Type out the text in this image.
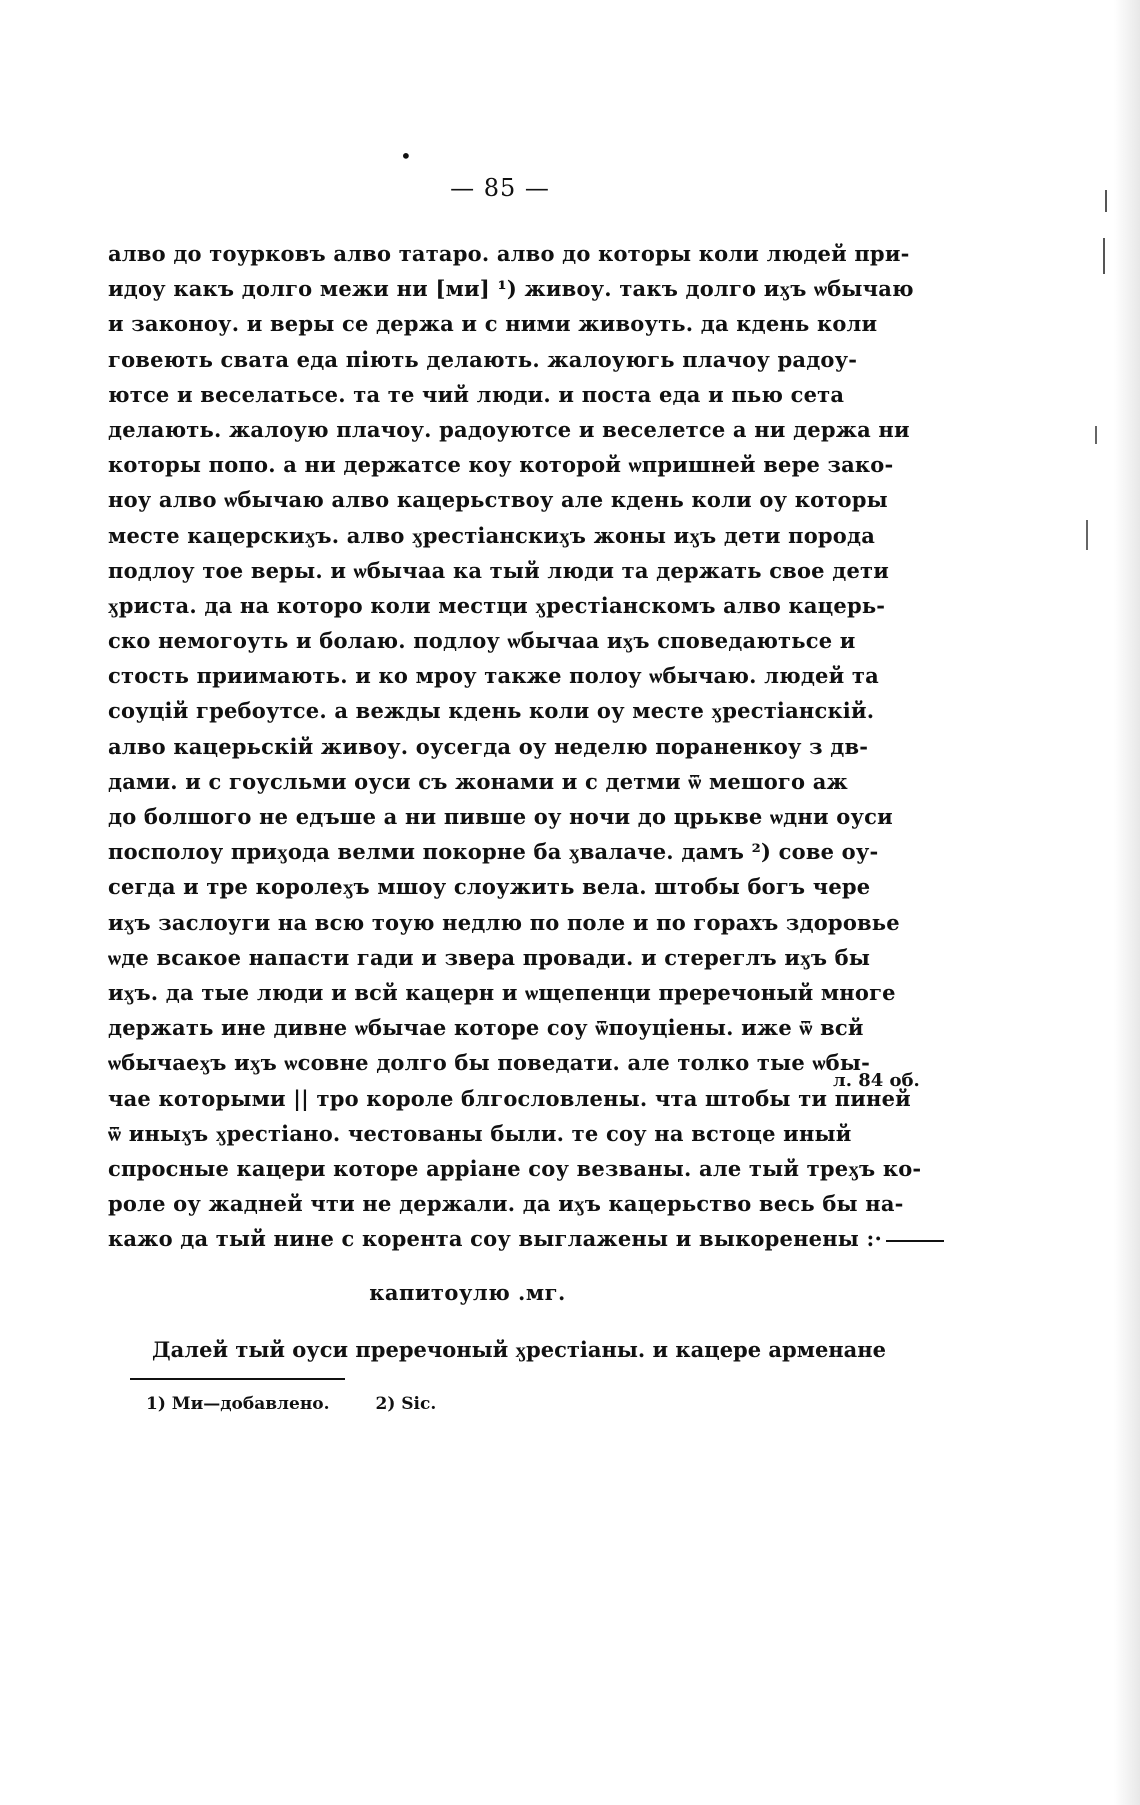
•
— 85 —
алво до тоурковъ алво татаро. алво до которы коли людей при-
идоу какъ долго межи ни [ми] ¹) живоу. такъ долго иӽъ ѡбычаю
и законоу. и веры се держа и с ними живоуть. да кдень коли
говеють свата еда піють делають. жалоуюгь плачоу радоу-
ютсе и веселатьсе. та те чий люди. и поста еда и пью сета
делають. жалоую плачоу. радоуютсе и веселетсе а ни держа ни
которы попо. а ни держатсе коу которой ѡпришней вере зако-
ноу алво ѡбычаю алво кацерьствоу але кдень коли оу которы
месте кацерскиӽъ. алво ӽрестіанскиӽъ жоны иӽъ дети порода
подлоу тое веры. и ѡбычаа ка тый люди та держать свое дети
ӽриста. да на которо коли местци ӽрестіанскомъ алво кацерь-
ско немогоуть и болаю. подлоу ѡбычаа иӽъ споведаютьсе и
стость приимають. и ко мроу также полоу ѡбычаю. людей та
соуцій гребоутсе. а вежды кдень коли оу месте ӽрестіанскій.
алво кацерьскій живоу. оусегда оу неделю пораненкоу з дв-
дами. и с гоусльми оуси съ жонами и с детми ѿ мешого аж
до болшого не едъше а ни пивше оу ночи до црькве ѡдни оуси
посполоу приӽода велми покорне ба ӽвалаче. дамъ ²) сове оу-
сегда и тре королеӽъ мшоу слоужить вела. штобы богъ чере
иӽъ заслоуги на всю тоую недлю по поле и по горахъ здоровье
ѡде всакое напасти гади и звера провади. и стерeглъ иӽъ бы
иӽъ. да тые люди и всй кацерн и ѡщепенци пpеречоный многе
держать ине дивне ѡбычае которе соу ѿпоуціены. иже ѿ всй
ѡбычаеӽъ иӽъ ѡсовне долго бы поведати. але толко тые ѡбы-
чае которыми || тро короле блгословлены. чта штобы ти пиней
ѿ иныӽъ ӽрестіано. честованы были. те соу на встоце иный
спросные кацери которе аррiане соу везваны. але тый треӽъ ко-
роле оу жадней чти не держали. да иӽъ кацерьство весь бы на-
кажо да тый нине с корента соу выглажены и выкоренены :·
л. 84 об.
капитоулю .мг.
Далей тый оуси пpеречоный ӽрестіаны. и кацере арменане
1) Ми—добавлено.	2) Sic.
